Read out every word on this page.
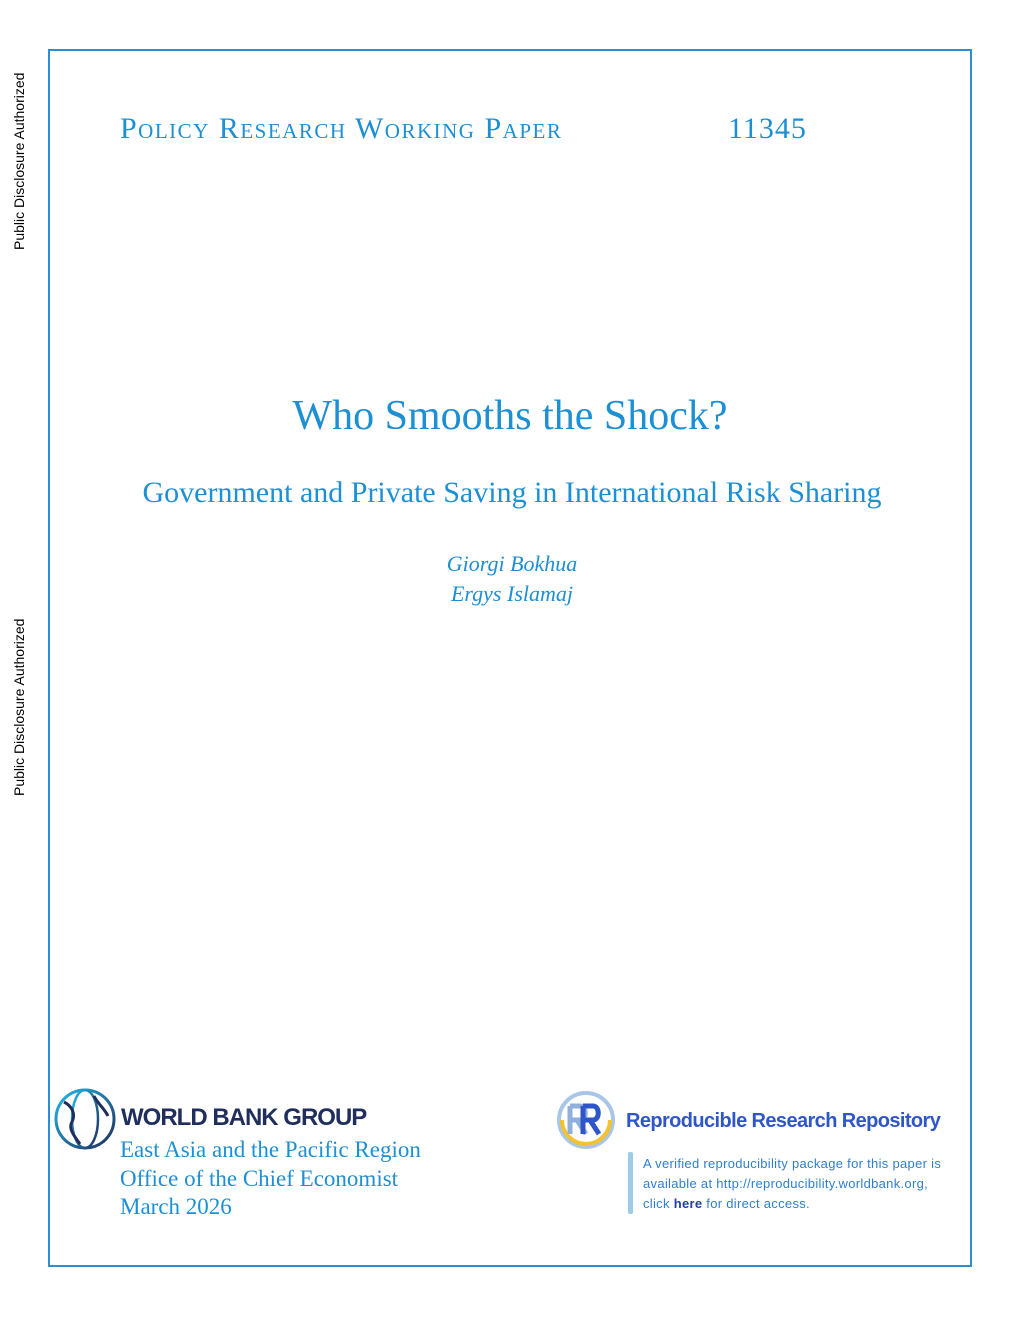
Public Disclosure Authorized
Public Disclosure Authorized
Policy Research Working Paper	11345
Who Smooths the Shock?
Government and Private Saving in International Risk Sharing
Giorgi Bokhua
Ergys Islamaj
WORLD BANK GROUP
East Asia and the Pacific Region
Office of the Chief Economist
March 2026
Reproducible Research Repository
A verified reproducibility package for this paper is
available at http://reproducibility.worldbank.org,
click here for direct access.
